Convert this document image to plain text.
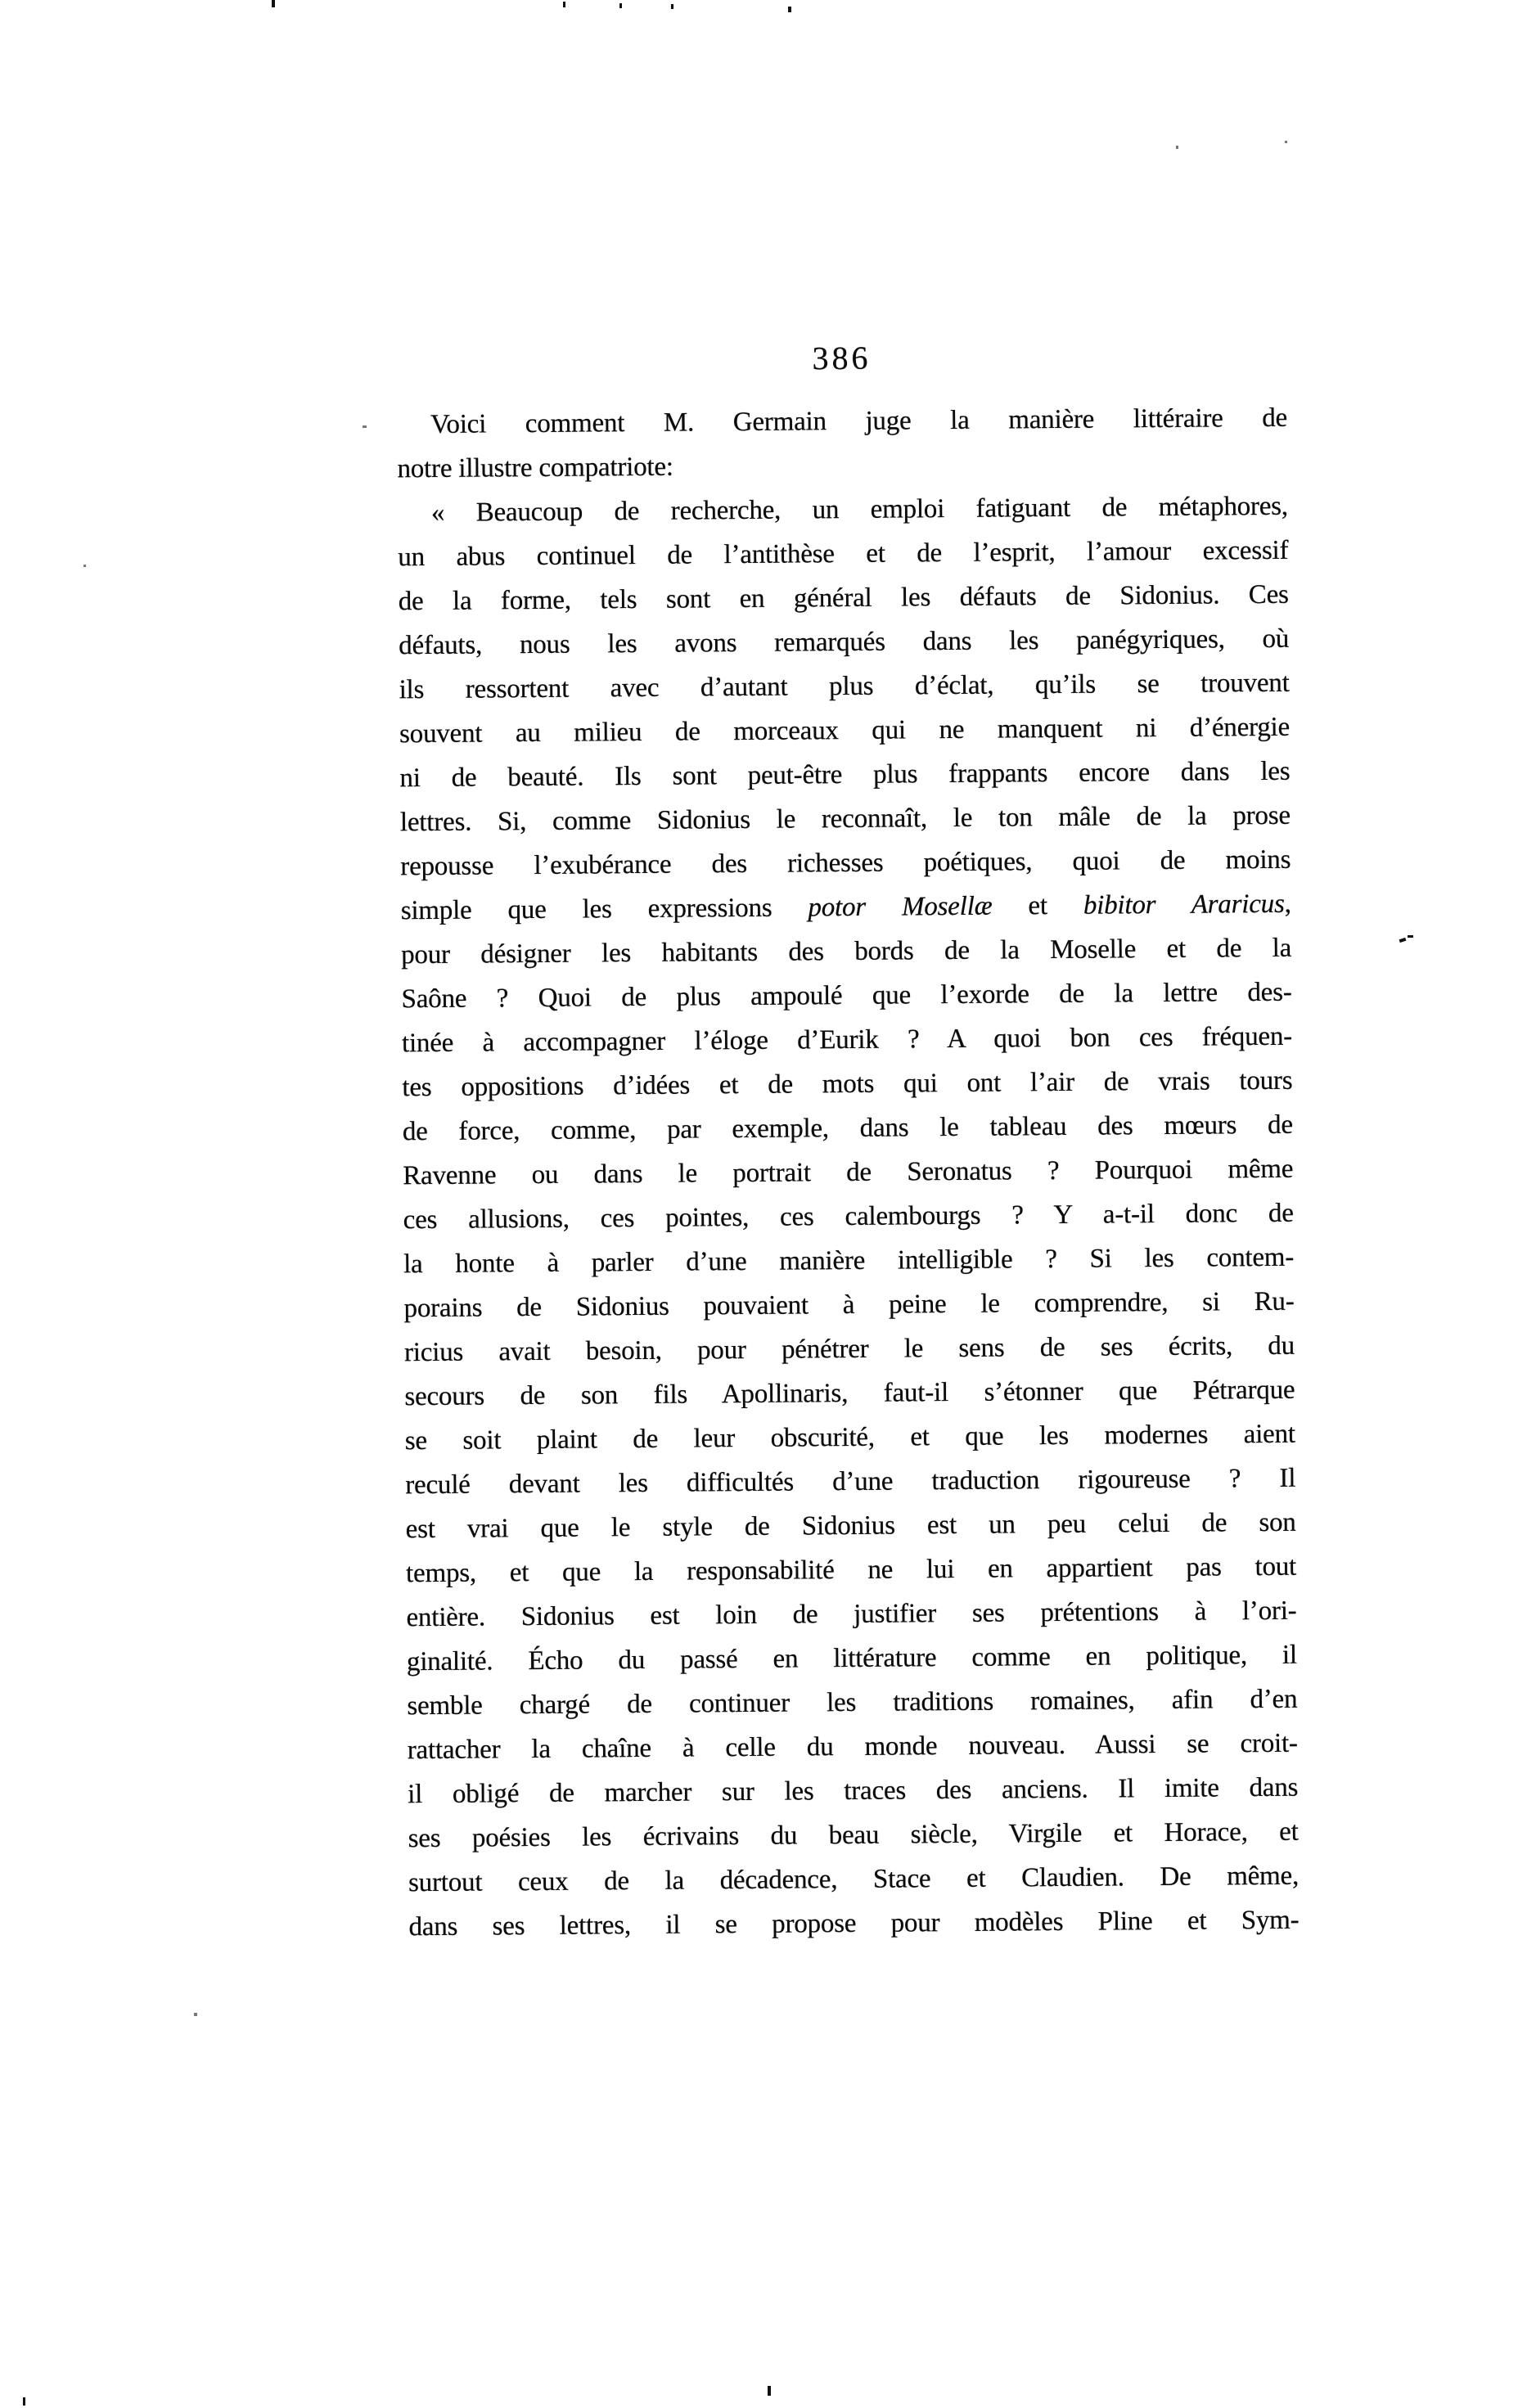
386
Voici comment M. Germain juge la manière littéraire de
notre illustre compatriote:
« Beaucoup de recherche, un emploi fatiguant de métaphores,
un abus continuel de l’antithèse et de l’esprit, l’amour excessif
de la forme, tels sont en général les défauts de Sidonius. Ces
défauts, nous les avons remarqués dans les panégyriques, où
ils ressortent avec d’autant plus d’éclat, qu’ils se trouvent
souvent au milieu de morceaux qui ne manquent ni d’énergie
ni de beauté. Ils sont peut-être plus frappants encore dans les
lettres. Si, comme Sidonius le reconnaît, le ton mâle de la prose
repousse l’exubérance des richesses poétiques, quoi de moins
simple que les expressions potor Mosellæ et bibitor Araricus,
pour désigner les habitants des bords de la Moselle et de la
Saône ? Quoi de plus ampoulé que l’exorde de la lettre des-
tinée à accompagner l’éloge d’Eurik ? A quoi bon ces fréquen-
tes oppositions d’idées et de mots qui ont l’air de vrais tours
de force, comme, par exemple, dans le tableau des mœurs de
Ravenne ou dans le portrait de Seronatus ? Pourquoi même
ces allusions, ces pointes, ces calembourgs ? Y a-t-il donc de
la honte à parler d’une manière intelligible ? Si les contem-
porains de Sidonius pouvaient à peine le comprendre, si Ru-
ricius avait besoin, pour pénétrer le sens de ses écrits, du
secours de son fils Apollinaris, faut-il s’étonner que Pétrarque
se soit plaint de leur obscurité, et que les modernes aient
reculé devant les difficultés d’une traduction rigoureuse ? Il
est vrai que le style de Sidonius est un peu celui de son
temps, et que la responsabilité ne lui en appartient pas tout
entière. Sidonius est loin de justifier ses prétentions à l’ori-
ginalité. Écho du passé en littérature comme en politique, il
semble chargé de continuer les traditions romaines, afin d’en
rattacher la chaîne à celle du monde nouveau. Aussi se croit-
il obligé de marcher sur les traces des anciens. Il imite dans
ses poésies les écrivains du beau siècle, Virgile et Horace, et
surtout ceux de la décadence, Stace et Claudien. De même,
dans ses lettres, il se propose pour modèles Pline et Sym-
